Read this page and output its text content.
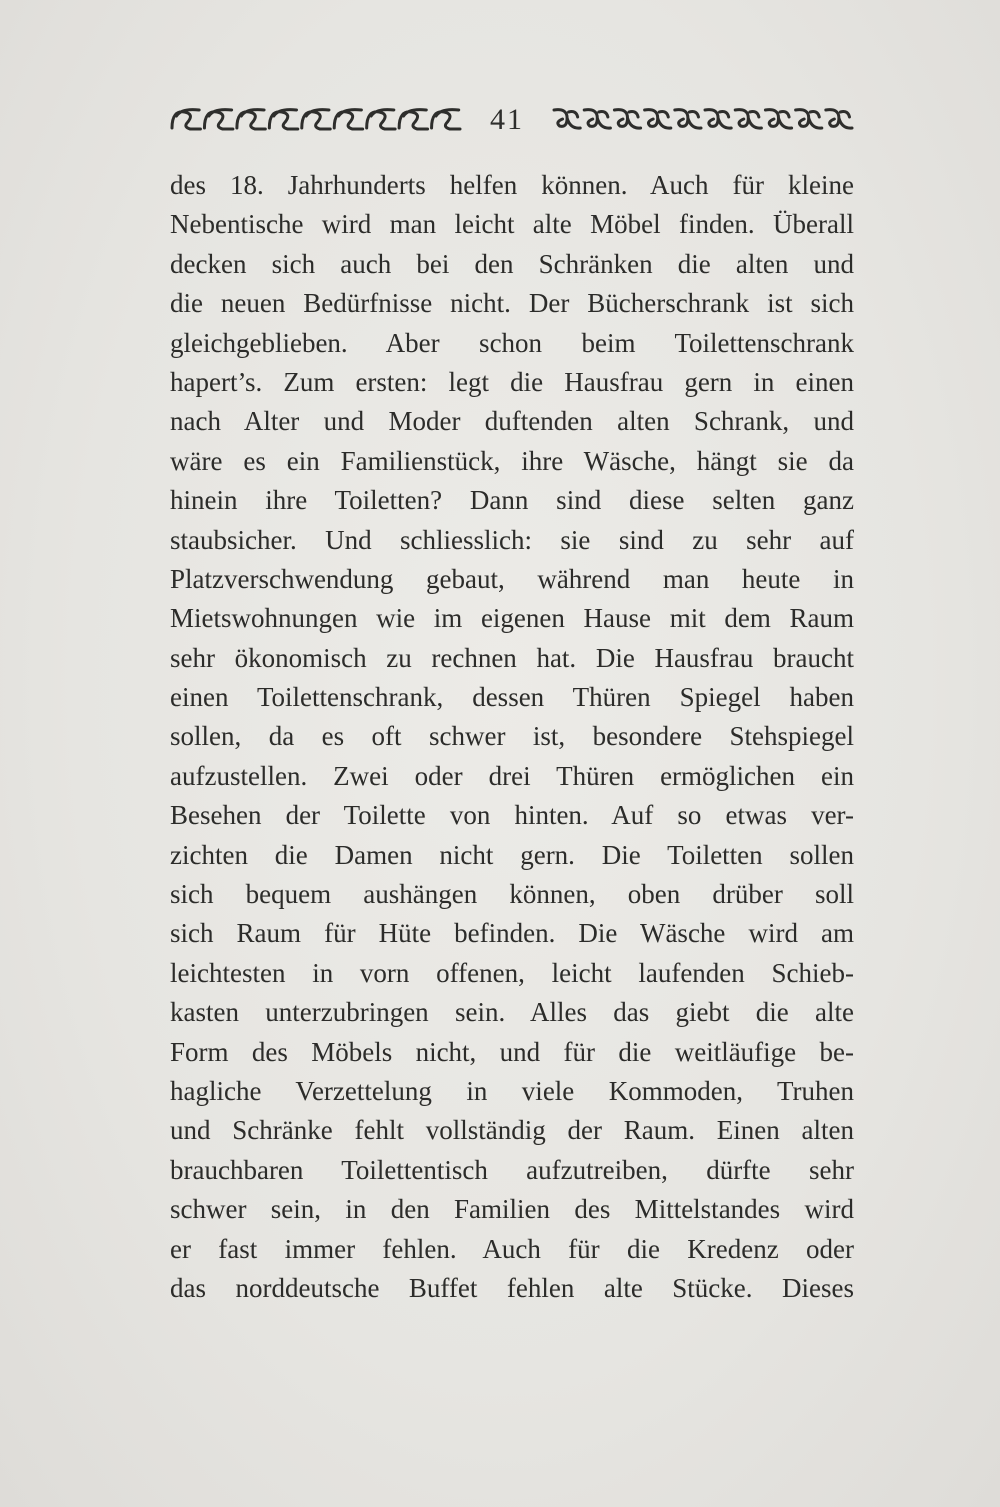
41
des 18. Jahrhunderts helfen können. Auch für kleine
Nebentische wird man leicht alte Möbel finden. Überall
decken sich auch bei den Schränken die alten und
die neuen Bedürfnisse nicht. Der Bücherschrank ist sich
gleichgeblieben. Aber schon beim Toilettenschrank
hapert’s. Zum ersten: legt die Hausfrau gern in einen
nach Alter und Moder duftenden alten Schrank, und
wäre es ein Familienstück, ihre Wäsche, hängt sie da
hinein ihre Toiletten? Dann sind diese selten ganz
staubsicher. Und schliesslich: sie sind zu sehr auf
Platzverschwendung gebaut, während man heute in
Mietswohnungen wie im eigenen Hause mit dem Raum
sehr ökonomisch zu rechnen hat. Die Hausfrau braucht
einen Toilettenschrank, dessen Thüren Spiegel haben
sollen, da es oft schwer ist, besondere Stehspiegel
aufzustellen. Zwei oder drei Thüren ermöglichen ein
Besehen der Toilette von hinten. Auf so etwas ver-
zichten die Damen nicht gern. Die Toiletten sollen
sich bequem aushängen können, oben drüber soll
sich Raum für Hüte befinden. Die Wäsche wird am
leichtesten in vorn offenen, leicht laufenden Schieb-
kasten unterzubringen sein. Alles das giebt die alte
Form des Möbels nicht, und für die weitläufige be-
hagliche Verzettelung in viele Kommoden, Truhen
und Schränke fehlt vollständig der Raum. Einen alten
brauchbaren Toilettentisch aufzutreiben, dürfte sehr
schwer sein, in den Familien des Mittelstandes wird
er fast immer fehlen. Auch für die Kredenz oder
das norddeutsche Buffet fehlen alte Stücke. Dieses
